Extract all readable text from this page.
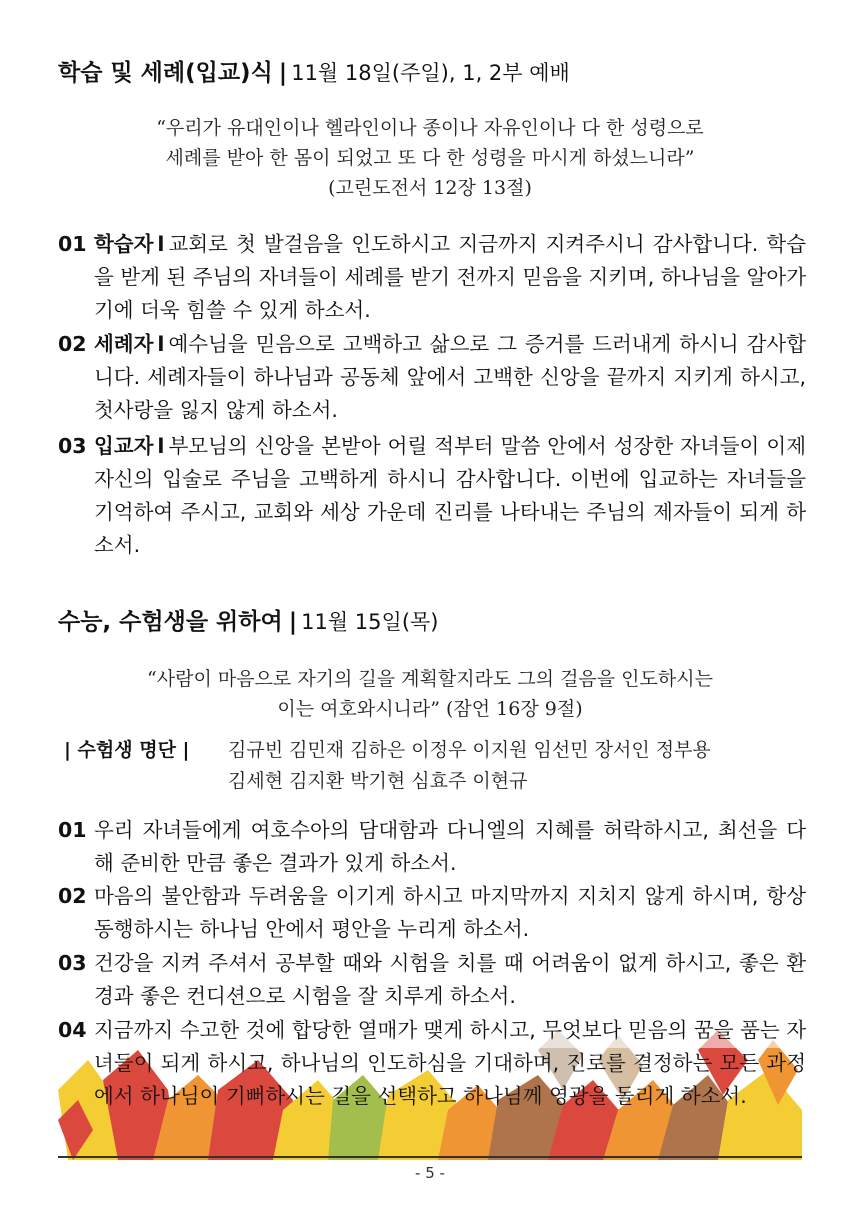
학습 및 세례(입교)식 | 11월 18일(주일), 1, 2부 예배
“우리가 유대인이나 헬라인이나 종이나 자유인이나 다 한 성령으로
세례를 받아 한 몸이 되었고 또 다 한 성령을 마시게 하셨느니라”
(고린도전서 12장 13절)
01 학습자 l 교회로 첫 발걸음을 인도하시고 지금까지 지켜주시니 감사합니다. 학습을 받게 된 주님의 자녀들이 세례를 받기 전까지 믿음을 지키며, 하나님을 알아가기에 더욱 힘쓸 수 있게 하소서.
02 세례자 l 예수님을 믿음으로 고백하고 삶으로 그 증거를 드러내게 하시니 감사합니다. 세례자들이 하나님과 공동체 앞에서 고백한 신앙을 끝까지 지키게 하시고, 첫사랑을 잃지 않게 하소서.
03 입교자 l 부모님의 신앙을 본받아 어릴 적부터 말씀 안에서 성장한 자녀들이 이제 자신의 입술로 주님을 고백하게 하시니 감사합니다. 이번에 입교하는 자녀들을 기억하여 주시고, 교회와 세상 가운데 진리를 나타내는 주님의 제자들이 되게 하소서.
수능, 수험생을 위하여 | 11월 15일(목)
“사람이 마음으로 자기의 길을 계획할지라도 그의 걸음을 인도하시는
이는 여호와시니라” (잠언 16장 9절)
| 수험생 명단 | 김규빈 김민재 김하은 이정우 이지원 임선민 장서인 정부용
김세현 김지환 박기현 심효주 이현규
01 우리 자녀들에게 여호수아의 담대함과 다니엘의 지혜를 허락하시고, 최선을 다해 준비한 만큼 좋은 결과가 있게 하소서.
02 마음의 불안함과 두려움을 이기게 하시고 마지막까지 지치지 않게 하시며, 항상 동행하시는 하나님 안에서 평안을 누리게 하소서.
03 건강을 지켜 주셔서 공부할 때와 시험을 치를 때 어려움이 없게 하시고, 좋은 환경과 좋은 컨디션으로 시험을 잘 치루게 하소서.
04 지금까지 수고한 것에 합당한 열매가 맺게 하시고, 무엇보다 믿음의 꿈을 품는 자녀들이 되게 하시고, 하나님의 인도하심을 기대하며, 진로를 결정하는 모든 과정에서 하나님이 기뻐하시는 길을 선택하고 하나님께 영광을 돌리게 하소서.
- 5 -
